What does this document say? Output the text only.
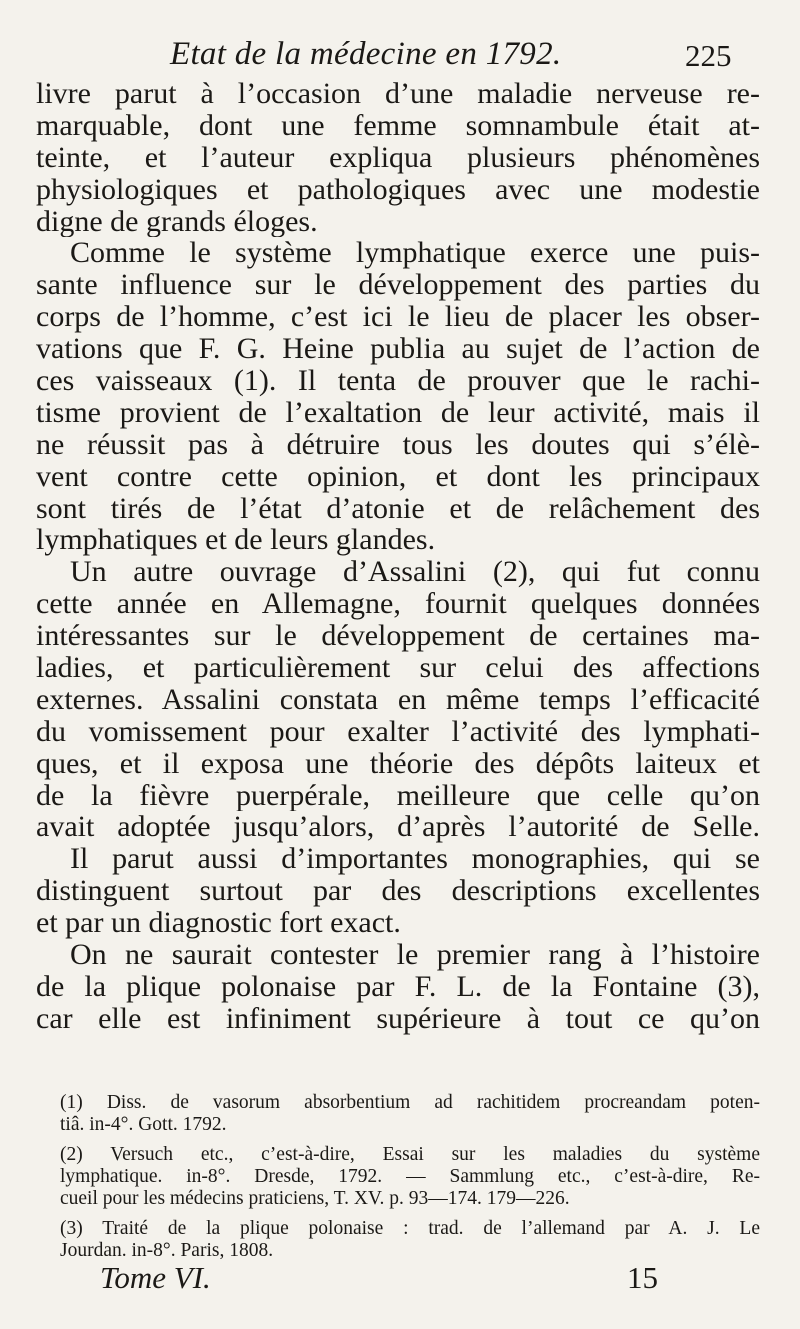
Etat de la médecine en 1792.	225
livre parut à l’occasion d’une maladie nerveuse re-
marquable, dont une femme somnambule était at-
teinte, et l’auteur expliqua plusieurs phénomènes
physiologiques et pathologiques avec une modestie
digne de grands éloges.
Comme le système lymphatique exerce une puis-
sante influence sur le développement des parties du
corps de l’homme, c’est ici le lieu de placer les obser-
vations que F. G. Heine publia au sujet de l’action de
ces vaisseaux (1). Il tenta de prouver que le rachi-
tisme provient de l’exaltation de leur activité, mais il
ne réussit pas à détruire tous les doutes qui s’élè-
vent contre cette opinion, et dont les principaux
sont tirés de l’état d’atonie et de relâchement des
lymphatiques et de leurs glandes.
Un autre ouvrage d’Assalini (2), qui fut connu
cette année en Allemagne, fournit quelques données
intéressantes sur le développement de certaines ma-
ladies, et particulièrement sur celui des affections
externes. Assalini constata en même temps l’efficacité
du vomissement pour exalter l’activité des lymphati-
ques, et il exposa une théorie des dépôts laiteux et
de la fièvre puerpérale, meilleure que celle qu’on
avait adoptée jusqu’alors, d’après l’autorité de Selle.
Il parut aussi d’importantes monographies, qui se
distinguent surtout par des descriptions excellentes
et par un diagnostic fort exact.
On ne saurait contester le premier rang à l’histoire
de la plique polonaise par F. L. de la Fontaine (3),
car elle est infiniment supérieure à tout ce qu’on
(1) Diss. de vasorum absorbentium ad rachitidem procreandam poten-
tiâ. in-4°. Gott. 1792.
(2) Versuch etc., c’est-à-dire, Essai sur les maladies du système
lymphatique. in-8°. Dresde, 1792. — Sammlung etc., c’est-à-dire, Re-
cueil pour les médecins praticiens, T. XV. p. 93—174. 179—226.
(3) Traité de la plique polonaise : trad. de l’allemand par A. J. Le
Jourdan. in-8°. Paris, 1808.
Tome VI.	15
